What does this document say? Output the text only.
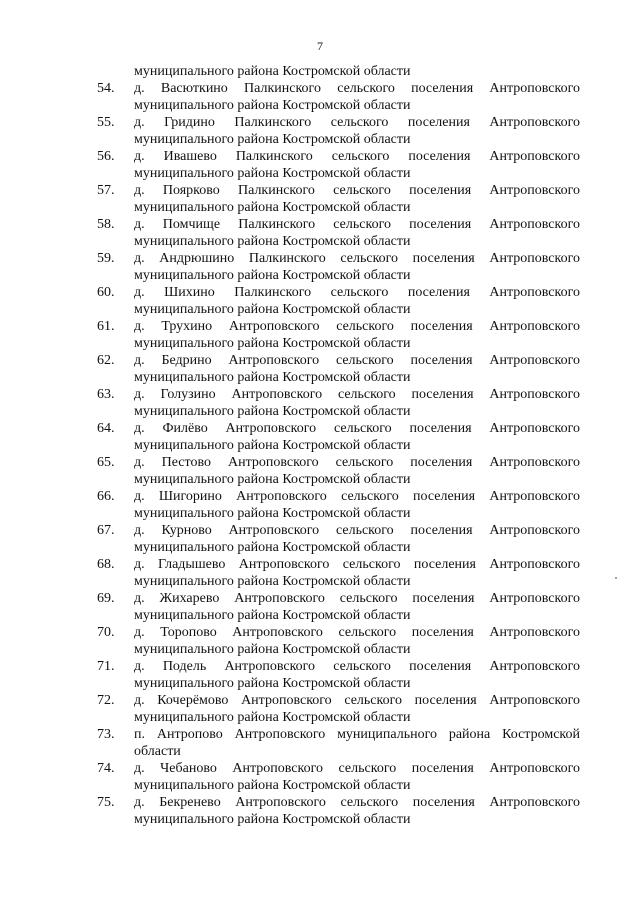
7
муниципального района Костромской области
54. д. Васюткино Палкинского сельского поселения Антроповского
муниципального района Костромской области
55. д. Гридино Палкинского сельского поселения Антроповского
муниципального района Костромской области
56. д. Ивашево Палкинского сельского поселения Антроповского
муниципального района Костромской области
57. д. Поярково Палкинского сельского поселения Антроповского
муниципального района Костромской области
58. д. Помчище Палкинского сельского поселения Антроповского
муниципального района Костромской области
59. д. Андрюшино Палкинского сельского поселения Антроповского
муниципального района Костромской области
60. д. Шихино Палкинского сельского поселения Антроповского
муниципального района Костромской области
61. д. Трухино Антроповского сельского поселения Антроповского
муниципального района Костромской области
62. д. Бедрино Антроповского сельского поселения Антроповского
муниципального района Костромской области
63. д. Голузино Антроповского сельского поселения Антроповского
муниципального района Костромской области
64. д. Филёво Антроповского сельского поселения Антроповского
муниципального района Костромской области
65. д. Пестово Антроповского сельского поселения Антроповского
муниципального района Костромской области
66. д. Шигорино Антроповского сельского поселения Антроповского
муниципального района Костромской области
67. д. Курново Антроповского сельского поселения Антроповского
муниципального района Костромской области
68. д. Гладышево Антроповского сельского поселения Антроповского
муниципального района Костромской области
69. д. Жихарево Антроповского сельского поселения Антроповского
муниципального района Костромской области
70. д. Торопово Антроповского сельского поселения Антроповского
муниципального района Костромской области
71. д. Подель Антроповского сельского поселения Антроповского
муниципального района Костромской области
72. д. Кочерёмово Антроповского сельского поселения Антроповского
муниципального района Костромской области
73. п. Антропово Антроповского муниципального района Костромской
области
74. д. Чебаново Антроповского сельского поселения Антроповского
муниципального района Костромской области
75. д. Бекренево Антроповского сельского поселения Антроповского
муниципального района Костромской области
